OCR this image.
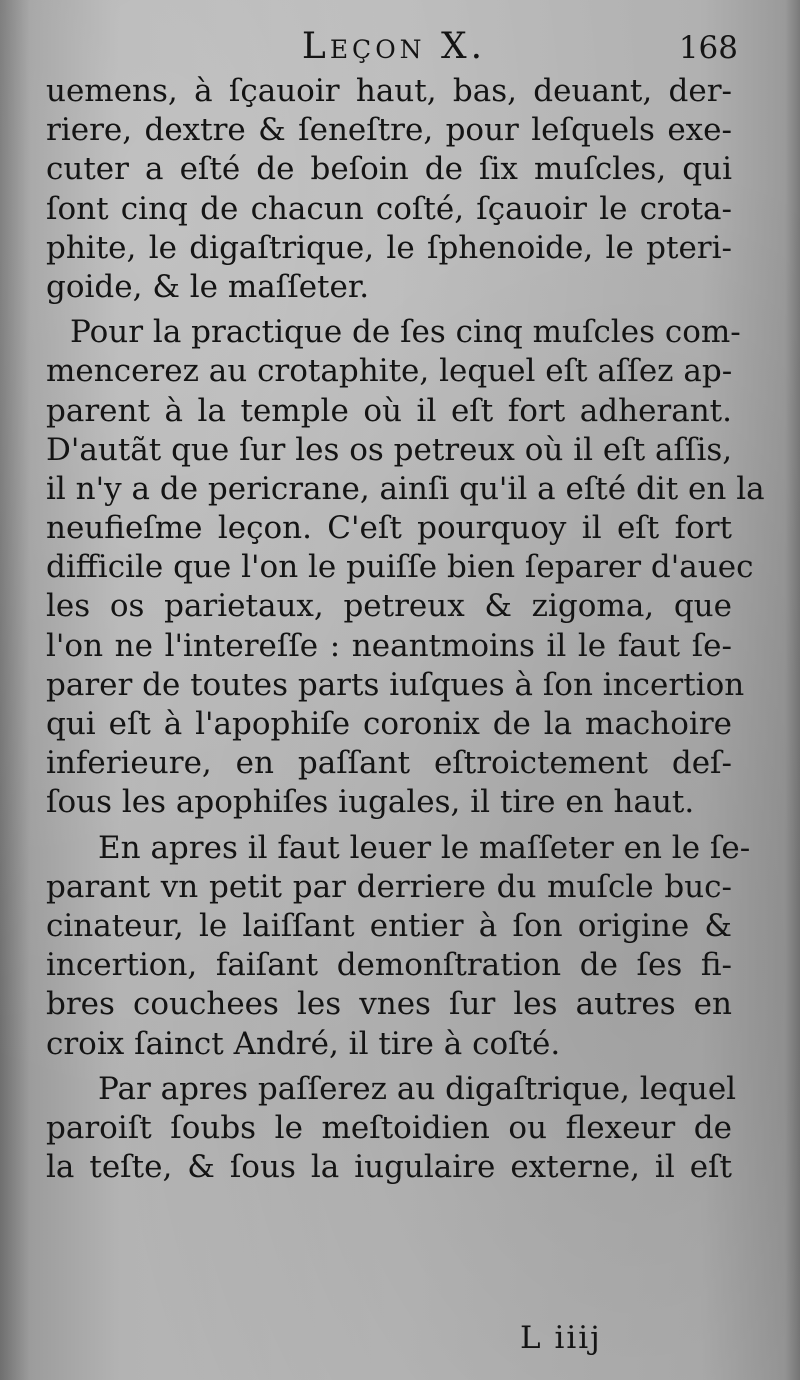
Leçon X.	168
uemens, à ſçauoir haut, bas, deuant, der-
riere, dextre & ſeneſtre, pour leſquels exe-
cuter a eſté de beſoin de ſix muſcles, qui
ſont cinq de chacun coſté, ſçauoir le crota-
phite, le digaſtrique, le ſphenoide, le pteri-
goide, & le maſſeter.
Pour la practique de ſes cinq muſcles com-
mencerez au crotaphite, lequel eſt aſſez ap-
parent à la temple où il eſt fort adherant.
D'autãt que ſur les os petreux où il eſt aſſis,
il n'y a de pericrane, ainſi qu'il a eſté dit en la
neufieſme leçon. C'eſt pourquoy il eſt fort
difficile que l'on le puiſſe bien ſeparer d'auec
les os parietaux, petreux & zigoma, que
l'on ne l'intereſſe : neantmoins il le faut ſe-
parer de toutes parts iuſques à ſon incertion
qui eſt à l'apophiſe coronix de la machoire
inferieure, en paſſant eſtroictement deſ-
ſous les apophiſes iugales, il tire en haut.
En apres il faut leuer le maſſeter en le ſe-
parant vn petit par derriere du muſcle buc-
cinateur, le laiſſant entier à ſon origine &
incertion, faiſant demonſtration de ſes fi-
bres couchees les vnes ſur les autres en
croix ſainct André, il tire à coſté.
Par apres paſſerez au digaſtrique, lequel
paroiſt ſoubs le meſtoidien ou flexeur de
la teſte, & ſous la iugulaire externe, il eſt
L iiij
